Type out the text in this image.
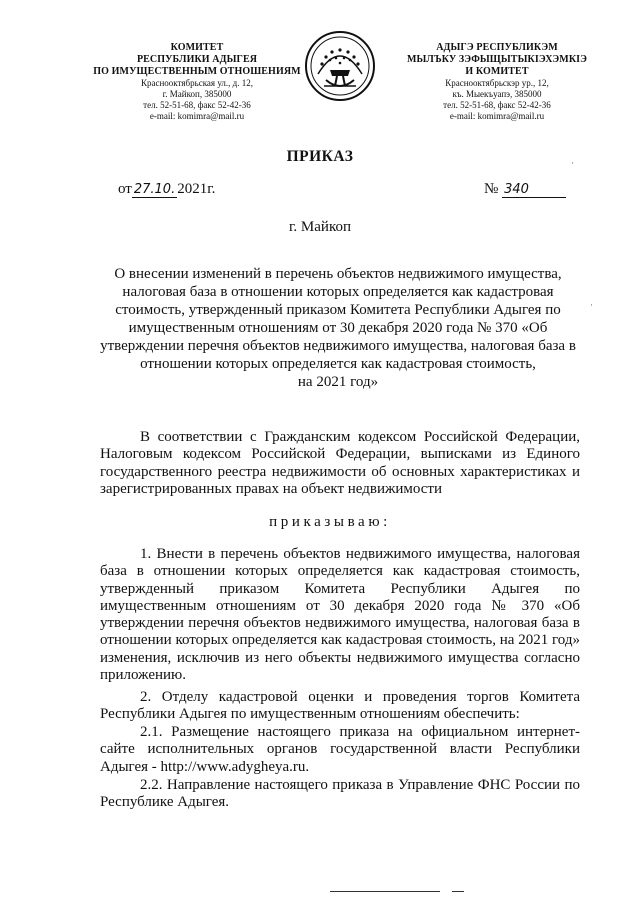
КОМИТЕТ
РЕСПУБЛИКИ АДЫГЕЯ
ПО ИМУЩЕСТВЕННЫМ ОТНОШЕНИЯМ
Краснооктябрьская ул., д. 12,
г. Майкоп, 385000
тел. 52-51-68, факс 52-42-36
e-mail: komimra@mail.ru
АДЫГЭ РЕСПУБЛИКЭМ
МЫЛЪКУ ЗЭФЫЩЫТЫКІЭХЭМКІЭ
И КОМИТЕТ
Краснооктябрьскэр ур., 12,
къ. Мыекъуапэ, 385000
тел. 52-51-68, факс 52-42-36
e-mail: komimra@mail.ru
·
·
ПРИКАЗ
от 27.10. 2021г.	№ 340
г. Майкоп
О внесении изменений в перечень объектов недвижимого имущества,
налоговая база в отношении которых определяется как кадастровая
стоимость, утвержденный приказом Комитета Республики Адыгея по
имущественным отношениям от 30 декабря 2020 года № 370 «Об
утверждении перечня объектов недвижимого имущества, налоговая база в
отношении которых определяется как кадастровая стоимость,
на 2021 год»
В соответствии с Гражданским кодексом Российской Федерации, Налоговым кодексом Российской Федерации, выписками из Единого государственного реестра недвижимости об основных характеристиках и зарегистрированных правах на объект недвижимости
приказываю:
1. Внести в перечень объектов недвижимого имущества, налоговая база в отношении которых определяется как кадастровая стоимость, утвержденный приказом Комитета Республики Адыгея по имущественным отношениям от 30 декабря 2020 года № 370 «Об утверждении перечня объектов недвижимого имущества, налоговая база в отношении которых определяется как кадастровая стоимость, на 2021 год» изменения, исключив из него объекты недвижимого имущества согласно приложению.
2. Отделу кадастровой оценки и проведения торгов Комитета Республики Адыгея по имущественным отношениям обеспечить:
2.1. Размещение настоящего приказа на официальном интернет-сайте исполнительных органов государственной власти Республики Адыгея - http://www.adygheya.ru.
2.2. Направление настоящего приказа в Управление ФНС России по Республике Адыгея.
